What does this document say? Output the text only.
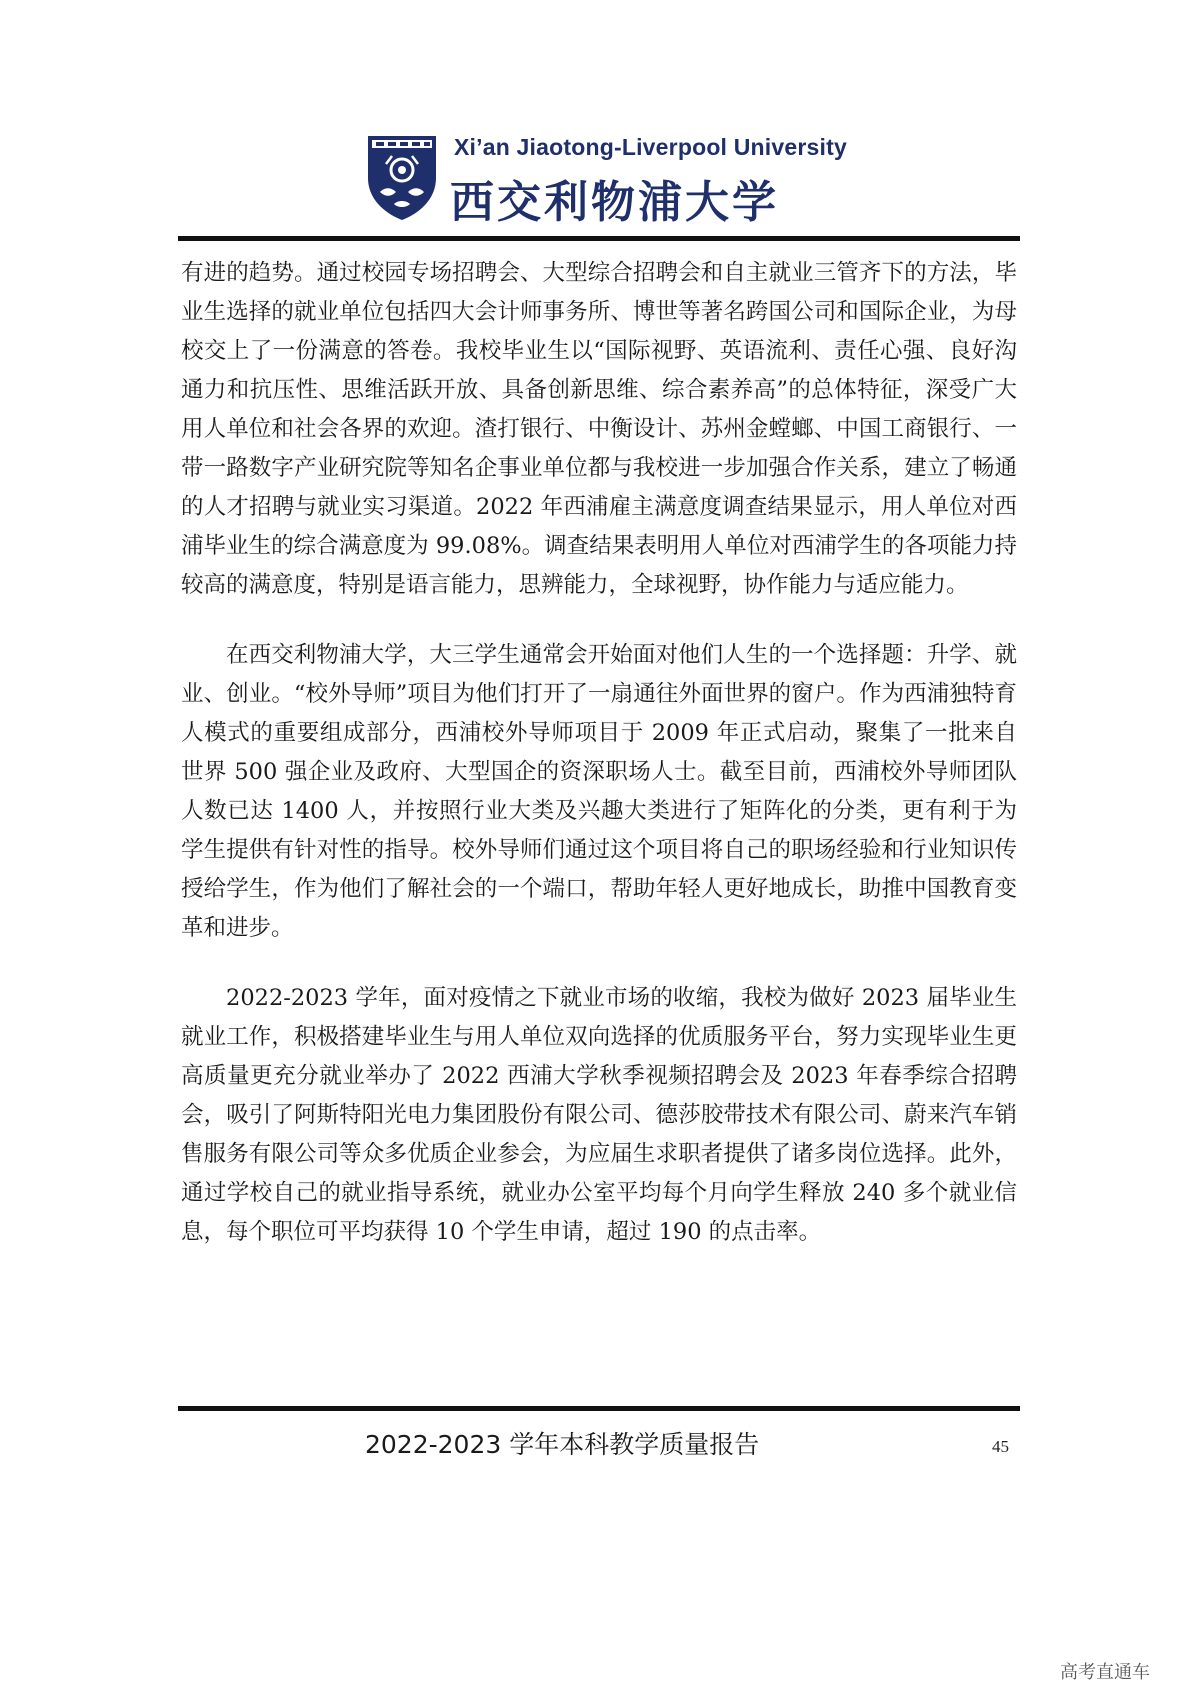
Xi’an Jiaotong-Liverpool University
西交利物浦大学

有进的趋势。通过校园专场招聘会、大型综合招聘会和自主就业三管齐下的方法，毕业生选择的就业单位包括四大会计师事务所、博世等著名跨国公司和国际企业，为母校交上了一份满意的答卷。我校毕业生以“国际视野、英语流利、责任心强、良好沟通力和抗压性、思维活跃开放、具备创新思维、综合素养高”的总体特征，深受广大用人单位和社会各界的欢迎。渣打银行、中衡设计、苏州金螳螂、中国工商银行、一带一路数字产业研究院等知名企事业单位都与我校进一步加强合作关系，建立了畅通的人才招聘与就业实习渠道。2022 年西浦雇主满意度调查结果显示，用人单位对西浦毕业生的综合满意度为 99.08%。调查结果表明用人单位对西浦学生的各项能力持较高的满意度，特别是语言能力，思辨能力，全球视野，协作能力与适应能力。

在西交利物浦大学，大三学生通常会开始面对他们人生的一个选择题：升学、就业、创业。“校外导师”项目为他们打开了一扇通往外面世界的窗户。作为西浦独特育人模式的重要组成部分，西浦校外导师项目于 2009 年正式启动，聚集了一批来自世界 500 强企业及政府、大型国企的资深职场人士。截至目前，西浦校外导师团队人数已达 1400 人，并按照行业大类及兴趣大类进行了矩阵化的分类，更有利于为学生提供有针对性的指导。校外导师们通过这个项目将自己的职场经验和行业知识传授给学生，作为他们了解社会的一个端口，帮助年轻人更好地成长，助推中国教育变革和进步。

2022-2023 学年，面对疫情之下就业市场的收缩，我校为做好 2023 届毕业生就业工作，积极搭建毕业生与用人单位双向选择的优质服务平台，努力实现毕业生更高质量更充分就业举办了 2022 西浦大学秋季视频招聘会及 2023 年春季综合招聘会，吸引了阿斯特阳光电力集团股份有限公司、德莎胶带技术有限公司、蔚来汽车销售服务有限公司等众多优质企业参会，为应届生求职者提供了诸多岗位选择。此外，通过学校自己的就业指导系统，就业办公室平均每个月向学生释放 240 多个就业信息，每个职位可平均获得 10 个学生申请，超过 190 的点击率。

2022-2023 学年本科教学质量报告	45
高考直通车
